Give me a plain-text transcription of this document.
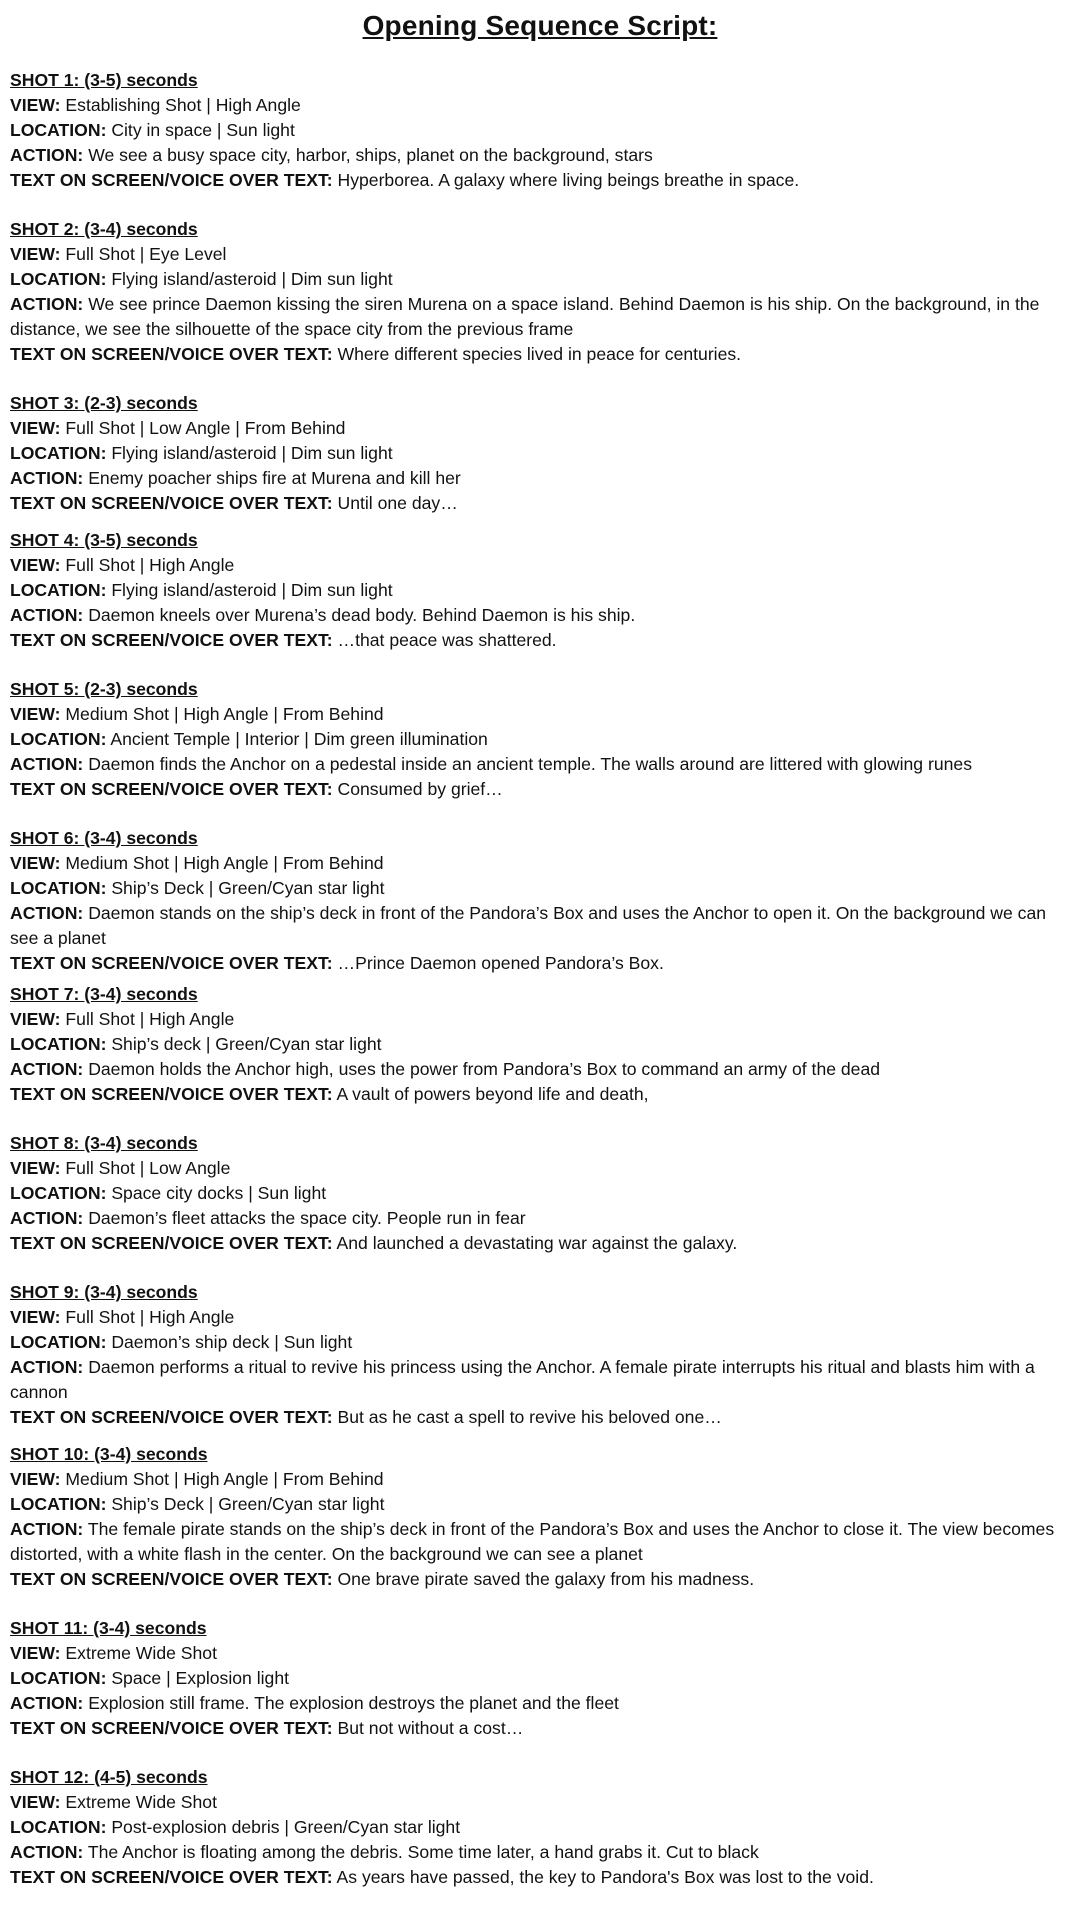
Opening Sequence Script:
SHOT 1: (3-5) seconds
VIEW: Establishing Shot | High Angle
LOCATION: City in space | Sun light
ACTION: We see a busy space city, harbor, ships, planet on the background, stars
TEXT ON SCREEN/VOICE OVER TEXT: Hyperborea. A galaxy where living beings breathe in space.
SHOT 2: (3-4) seconds
VIEW: Full Shot | Eye Level
LOCATION: Flying island/asteroid | Dim sun light
ACTION: We see prince Daemon kissing the siren Murena on a space island. Behind Daemon is his ship. On the background, in the distance, we see the silhouette of the space city from the previous frame
TEXT ON SCREEN/VOICE OVER TEXT: Where different species lived in peace for centuries.
SHOT 3: (2-3) seconds
VIEW: Full Shot | Low Angle | From Behind
LOCATION: Flying island/asteroid | Dim sun light
ACTION: Enemy poacher ships fire at Murena and kill her
TEXT ON SCREEN/VOICE OVER TEXT: Until one day…
SHOT 4: (3-5) seconds
VIEW: Full Shot | High Angle
LOCATION: Flying island/asteroid | Dim sun light
ACTION: Daemon kneels over Murena’s dead body. Behind Daemon is his ship.
TEXT ON SCREEN/VOICE OVER TEXT: …that peace was shattered.
SHOT 5: (2-3) seconds
VIEW: Medium Shot | High Angle | From Behind
LOCATION: Ancient Temple | Interior | Dim green illumination
ACTION: Daemon finds the Anchor on a pedestal inside an ancient temple. The walls around are littered with glowing runes
TEXT ON SCREEN/VOICE OVER TEXT: Consumed by grief…
SHOT 6: (3-4) seconds
VIEW: Medium Shot | High Angle | From Behind
LOCATION: Ship’s Deck | Green/Cyan star light
ACTION: Daemon stands on the ship’s deck in front of the Pandora’s Box and uses the Anchor to open it. On the background we can see a planet
TEXT ON SCREEN/VOICE OVER TEXT: …Prince Daemon opened Pandora’s Box.
SHOT 7: (3-4) seconds
VIEW: Full Shot | High Angle
LOCATION: Ship’s deck | Green/Cyan star light
ACTION: Daemon holds the Anchor high, uses the power from Pandora’s Box to command an army of the dead
TEXT ON SCREEN/VOICE OVER TEXT: A vault of powers beyond life and death,
SHOT 8: (3-4) seconds
VIEW: Full Shot | Low Angle
LOCATION: Space city docks | Sun light
ACTION: Daemon’s fleet attacks the space city. People run in fear
TEXT ON SCREEN/VOICE OVER TEXT: And launched a devastating war against the galaxy.
SHOT 9: (3-4) seconds
VIEW: Full Shot | High Angle
LOCATION: Daemon’s ship deck | Sun light
ACTION: Daemon performs a ritual to revive his princess using the Anchor. A female pirate interrupts his ritual and blasts him with a cannon
TEXT ON SCREEN/VOICE OVER TEXT: But as he cast a spell to revive his beloved one…
SHOT 10: (3-4) seconds
VIEW: Medium Shot | High Angle | From Behind
LOCATION: Ship’s Deck | Green/Cyan star light
ACTION: The female pirate stands on the ship’s deck in front of the Pandora’s Box and uses the Anchor to close it. The view becomes distorted, with a white flash in the center. On the background we can see a planet
TEXT ON SCREEN/VOICE OVER TEXT: One brave pirate saved the galaxy from his madness.
SHOT 11: (3-4) seconds
VIEW: Extreme Wide Shot
LOCATION: Space | Explosion light
ACTION: Explosion still frame. The explosion destroys the planet and the fleet
TEXT ON SCREEN/VOICE OVER TEXT: But not without a cost…
SHOT 12: (4-5) seconds
VIEW: Extreme Wide Shot
LOCATION: Post-explosion debris | Green/Cyan star light
ACTION: The Anchor is floating among the debris. Some time later, a hand grabs it. Cut to black
TEXT ON SCREEN/VOICE OVER TEXT: As years have passed, the key to Pandora's Box was lost to the void.
